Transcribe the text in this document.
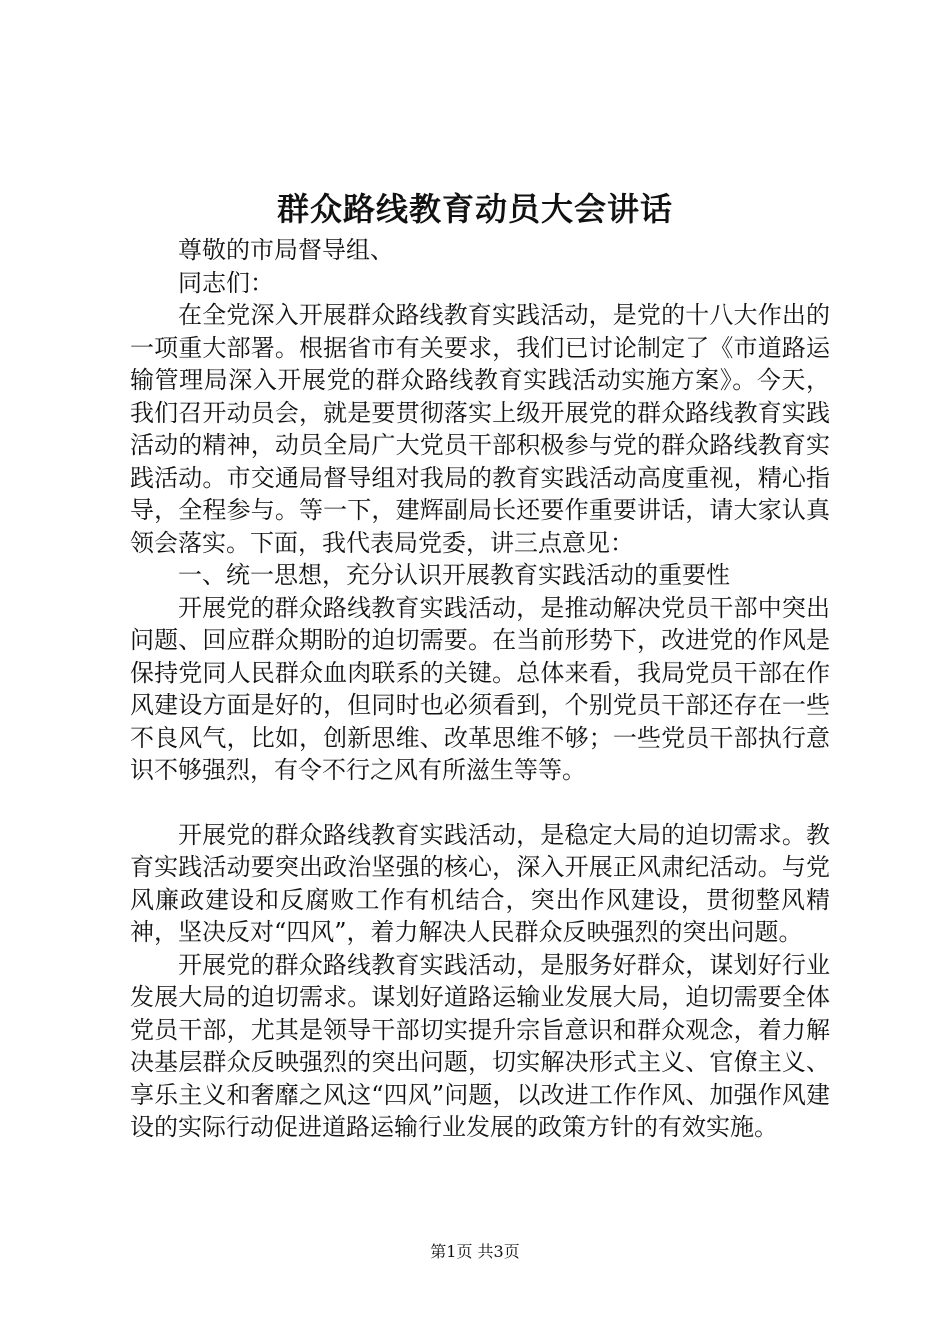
群众路线教育动员大会讲话

尊敬的市局督导组、

同志们：

在全党深入开展群众路线教育实践活动，是党的十八大作出的一项重大部署。根据省市有关要求，我们已讨论制定了《市道路运输管理局深入开展党的群众路线教育实践活动实施方案》。今天，我们召开动员会，就是要贯彻落实上级开展党的群众路线教育实践活动的精神，动员全局广大党员干部积极参与党的群众路线教育实践活动。市交通局督导组对我局的教育实践活动高度重视，精心指导，全程参与。等一下，建辉副局长还要作重要讲话，请大家认真领会落实。下面，我代表局党委，讲三点意见：

一、统一思想，充分认识开展教育实践活动的重要性

开展党的群众路线教育实践活动，是推动解决党员干部中突出问题、回应群众期盼的迫切需要。在当前形势下，改进党的作风是保持党同人民群众血肉联系的关键。总体来看，我局党员干部在作风建设方面是好的，但同时也必须看到，个别党员干部还存在一些不良风气，比如，创新思维、改革思维不够；一些党员干部执行意识不够强烈，有令不行之风有所滋生等等。

开展党的群众路线教育实践活动，是稳定大局的迫切需求。教育实践活动要突出政治坚强的核心，深入开展正风肃纪活动。与党风廉政建设和反腐败工作有机结合，突出作风建设，贯彻整风精神，坚决反对“四风”，着力解决人民群众反映强烈的突出问题。

开展党的群众路线教育实践活动，是服务好群众，谋划好行业发展大局的迫切需求。谋划好道路运输业发展大局，迫切需要全体党员干部，尤其是领导干部切实提升宗旨意识和群众观念，着力解决基层群众反映强烈的突出问题，切实解决形式主义、官僚主义、享乐主义和奢靡之风这“四风”问题，以改进工作作风、加强作风建设的实际行动促进道路运输行业发展的政策方针的有效实施。

第1页 共3页
